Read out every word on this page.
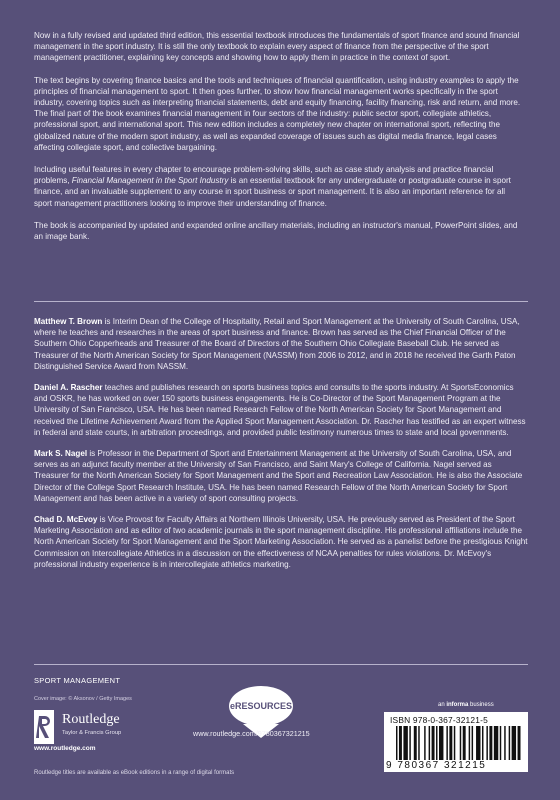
Now in a fully revised and updated third edition, this essential textbook introduces the fundamentals of sport finance and sound financial management in the sport industry. It is still the only textbook to explain every aspect of finance from the perspective of the sport management practitioner, explaining key concepts and showing how to apply them in practice in the context of sport.

The text begins by covering finance basics and the tools and techniques of financial quantification, using industry examples to apply the principles of financial management to sport. It then goes further, to show how financial management works specifically in the sport industry, covering topics such as interpreting financial statements, debt and equity financing, facility financing, risk and return, and more. The final part of the book examines financial management in four sectors of the industry: public sector sport, collegiate athletics, professional sport, and international sport. This new edition includes a completely new chapter on international sport, reflecting the globalized nature of the modern sport industry, as well as expanded coverage of issues such as digital media finance, legal cases affecting collegiate sport, and collective bargaining.

Including useful features in every chapter to encourage problem-solving skills, such as case study analysis and practice financial problems, Financial Management in the Sport Industry is an essential textbook for any undergraduate or postgraduate course in sport finance, and an invaluable supplement to any course in sport business or sport management. It is also an important reference for all sport management practitioners looking to improve their understanding of finance.

The book is accompanied by updated and expanded online ancillary materials, including an instructor's manual, PowerPoint slides, and an image bank.

Matthew T. Brown is Interim Dean of the College of Hospitality, Retail and Sport Management at the University of South Carolina, USA, where he teaches and researches in the areas of sport business and finance. Brown has served as the Chief Financial Officer of the Southern Ohio Copperheads and Treasurer of the Board of Directors of the Southern Ohio Collegiate Baseball Club. He served as Treasurer of the North American Society for Sport Management (NASSM) from 2006 to 2012, and in 2018 he received the Garth Paton Distinguished Service Award from NASSM.

Daniel A. Rascher teaches and publishes research on sports business topics and consults to the sports industry. At SportsEconomics and OSKR, he has worked on over 150 sports business engagements. He is Co-Director of the Sport Management Program at the University of San Francisco, USA. He has been named Research Fellow of the North American Society for Sport Management and received the Lifetime Achievement Award from the Applied Sport Management Association. Dr. Rascher has testified as an expert witness in federal and state courts, in arbitration proceedings, and provided public testimony numerous times to state and local governments.

Mark S. Nagel is Professor in the Department of Sport and Entertainment Management at the University of South Carolina, USA, and serves as an adjunct faculty member at the University of San Francisco, and Saint Mary's College of California. Nagel served as Treasurer for the North American Society for Sport Management and the Sport and Recreation Law Association. He is also the Associate Director of the College Sport Research Institute, USA. He has been named Research Fellow of the North American Society for Sport Management and has been active in a variety of sport consulting projects.

Chad D. McEvoy is Vice Provost for Faculty Affairs at Northern Illinois University, USA. He previously served as President of the Sport Marketing Association and as editor of two academic journals in the sport management discipline. His professional affiliations include the North American Society for Sport Management and the Sport Marketing Association. He served as a panelist before the prestigious Knight Commission on Intercollegiate Athletics in a discussion on the effectiveness of NCAA penalties for rules violations. Dr. McEvoy's professional industry experience is in intercollegiate athletics marketing.

SPORT MANAGEMENT
Cover image: © Aksonov / Getty Images
Routledge
Taylor & Francis Group
www.routledge.com
eRESOURCES
www.routledge.com/9780367321215
an informa business
ISBN 978-0-367-32121-5
9 780367 321215
Routledge titles are available as eBook editions in a range of digital formats
